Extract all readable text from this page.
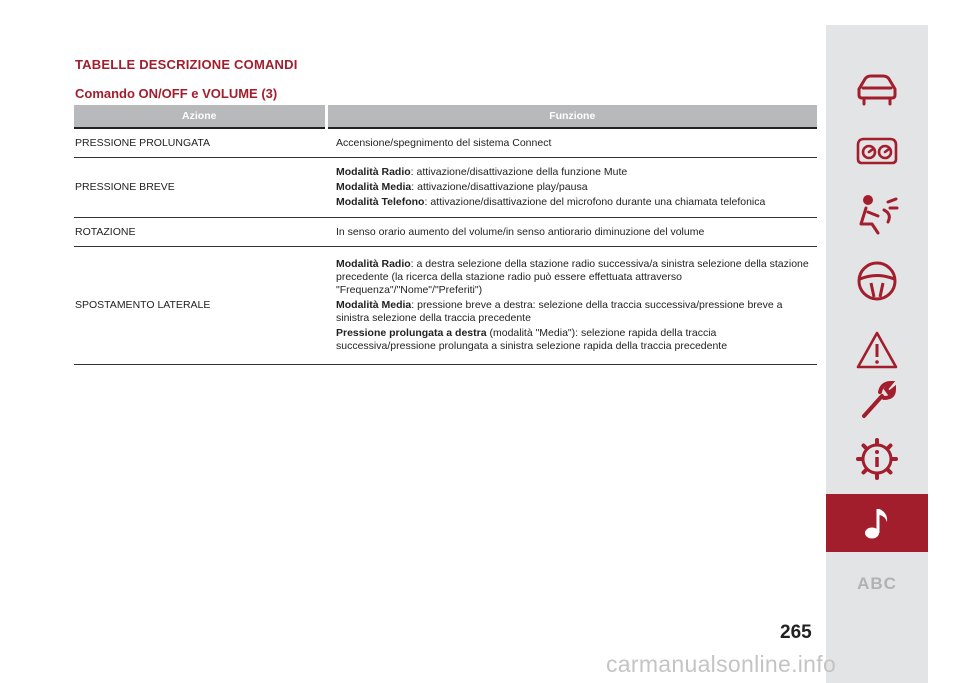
TABELLE DESCRIZIONE COMANDI
Comando ON/OFF e VOLUME (3)
Azione	Funzione
PRESSIONE PROLUNGATA	Accensione/spegnimento del sistema Connect

PRESSIONE BREVE	Modalità Radio: attivazione/disattivazione della funzione Mute
Modalità Media: attivazione/disattivazione play/pausa
Modalità Telefono: attivazione/disattivazione del microfono durante una chiamata telefonica

ROTAZIONE	In senso orario aumento del volume/in senso antiorario diminuzione del volume

SPOSTAMENTO LATERALE	Modalità Radio: a destra selezione della stazione radio successiva/a sinistra selezione della stazione precedente (la ricerca della stazione radio può essere effettuata attraverso "Frequenza"/"Nome"/"Preferiti")
Modalità Media: pressione breve a destra: selezione della traccia successiva/pressione breve a sinistra selezione della traccia precedente
Pressione prolungata a destra (modalità "Media"): selezione rapida della traccia successiva/pressione prolungata a sinistra selezione rapida della traccia precedente
ABC

265

carmanualsonline.info
